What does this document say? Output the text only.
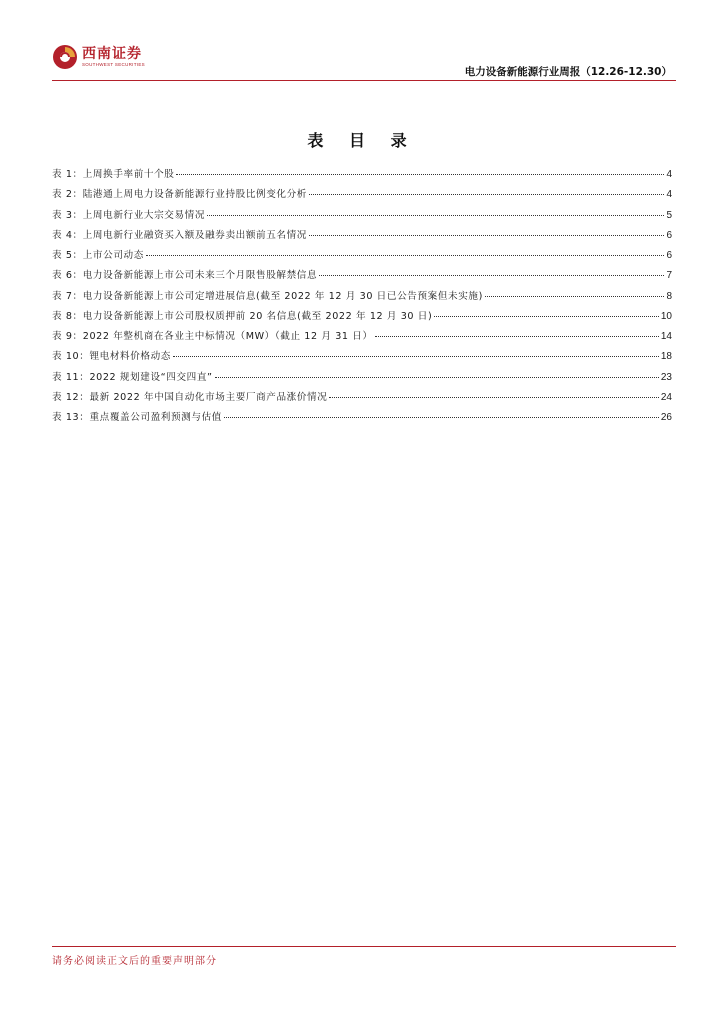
西南证券
SOUTHWEST SECURITIES
电力设备新能源行业周报（12.26-12.30）
表 目 录
表 1：上周换手率前十个股	4
表 2：陆港通上周电力设备新能源行业持股比例变化分析	4
表 3：上周电新行业大宗交易情况	5
表 4：上周电新行业融资买入额及融券卖出额前五名情况	6
表 5：上市公司动态	6
表 6：电力设备新能源上市公司未来三个月限售股解禁信息	7
表 7：电力设备新能源上市公司定增进展信息(截至 2022 年 12 月 30 日已公告预案但未实施)	8
表 8：电力设备新能源上市公司股权质押前 20 名信息(截至 2022 年 12 月 30 日)	10
表 9：2022 年整机商在各业主中标情况（MW）（截止 12 月 31 日）	14
表 10：锂电材料价格动态	18
表 11：2022 规划建设“四交四直”	23
表 12：最新 2022 年中国自动化市场主要厂商产品涨价情况	24
表 13：重点覆盖公司盈利预测与估值	26
请务必阅读正文后的重要声明部分
